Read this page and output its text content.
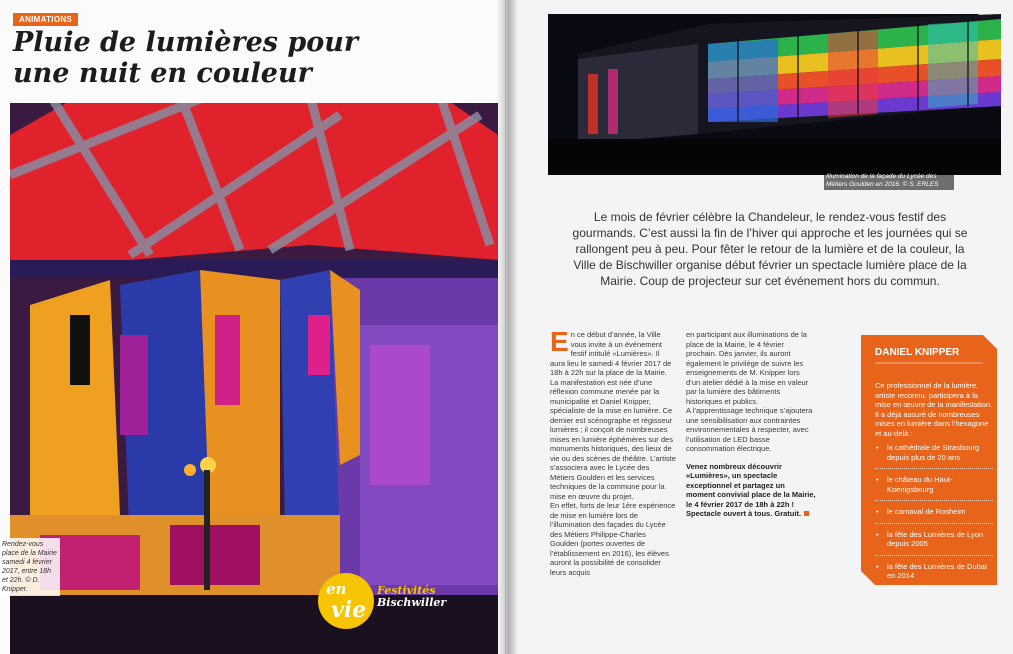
ANIMATIONS
Pluie de lumières pour une nuit en couleur
Rendez-vous place de la Mairie samedi 4 février 2017, entre 18h et 22h. © D. Knipper.	en
vie
Festivités
Bischwiller
Illumination de la façade du Lycée des Métiers Goulden en 2016. © S. ERLES

Le mois de février célèbre la Chandeleur, le rendez-vous festif des gourmands. C’est aussi la fin de l’hiver qui approche et les journées qui se rallongent peu à peu. Pour fêter le retour de la lumière et de la couleur, la Ville de Bischwiller organise début février un spectacle lumière place de la Mairie. Coup de projecteur sur cet événement hors du commun.

E n ce début d’année, la Ville vous invite à un événement festif intitulé «Lumières». Il aura lieu le samedi 4 février 2017 de 18h à 22h sur la place de la Mairie.

La manifestation est née d’une réflexion commune menée par la municipalité et Daniel Knipper, spécialiste de la mise en lumière. Ce dernier est scénographe et régisseur lumières ; il conçoit de nombreuses mises en lumière éphémères sur des monuments historiques, des lieux de vie ou des scènes de théâtre. L’artiste s’associera avec le Lycée des Métiers Goulden et les services techniques de la commune pour la mise en œuvre du projet.

En effet, forts de leur 1ère expérience de mise en lumière lors de l’illumination des façades du Lycée des Métiers Philippe-Charles Goulden (portes ouvertes de l’établissement en 2016), les élèves auront la possibilité de consolider leurs acquis

en participant aux illuminations de la place de la Mairie, le 4 février prochain. Dès janvier, ils auront également le privilège de suivre les enseignements de M. Knipper lors d’un atelier dédié à la mise en valeur par la lumière des bâtiments historiques et publics.

A l’apprentissage technique s’ajoutera une sensibilisation aux contraintes environnementales à respecter, avec l’utilisation de LED basse consommation électrique.

Venez nombreux découvrir «Lumières», un spectacle exceptionnel et partagez un moment convivial place de la Mairie, le 4 février 2017 de 18h à 22h ! Spectacle ouvert à tous. Gratuit.

DANIEL KNIPPER
Ce professionnel de la lumière, artiste reconnu, participera à la mise en œuvre de la manifestation. Il a déjà assuré de nombreuses mises en lumière dans l’hexagone et au-delà :
• la cathédrale de Strasbourg depuis plus de 20 ans
• le château du Haut-Koenigsbourg
• le carnaval de Rosheim
• la fête des Lumières de Lyon depuis 2005
• la fête des Lumières de Dubaï en 2014
